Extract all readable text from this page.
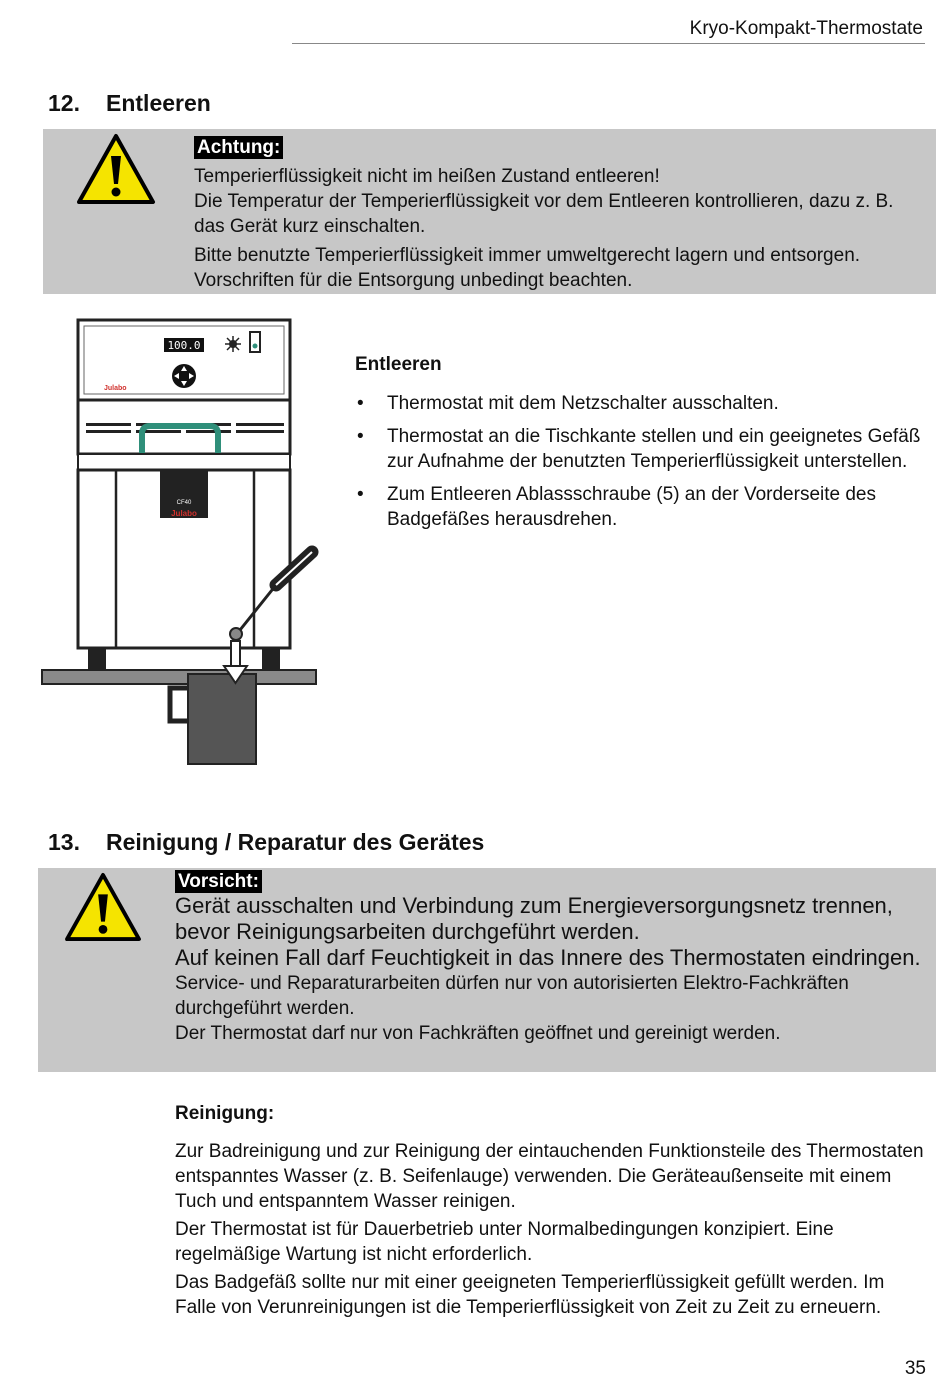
Kryo-Kompakt-Thermostate
12. Entleeren
Achtung:

Temperierflüssigkeit nicht im heißen Zustand entleeren!

Die Temperatur der Temperierflüssigkeit vor dem Entleeren kontrollieren, dazu z. B. das Gerät kurz einschalten.

Bitte benutzte Temperierflüssigkeit immer umweltgerecht lagern und entsorgen. Vorschriften für die Entsorgung unbedingt beachten.

100.0
Julabo
CF40
Julabo
Entleeren
• Thermostat mit dem Netzschalter ausschalten.
• Thermostat an die Tischkante stellen und ein geeignetes Gefäß zur Aufnahme der benutzten Temperierflüssigkeit unterstellen.
• Zum Entleeren Ablassschraube (5) an der Vorderseite des Badgefäßes herausdrehen.
13. Reinigung / Reparatur des Gerätes
Vorsicht:

Gerät ausschalten und Verbindung zum Energieversorgungsnetz trennen, bevor Reinigungsarbeiten durchgeführt werden.

Auf keinen Fall darf Feuchtigkeit in das Innere des Thermostaten eindringen.

Service- und Reparaturarbeiten dürfen nur von autorisierten Elektro-Fachkräften durchgeführt werden.

Der Thermostat darf nur von Fachkräften geöffnet und gereinigt werden.

Reinigung:

Zur Badreinigung und zur Reinigung der eintauchenden Funktionsteile des Thermostaten entspanntes Wasser (z. B. Seifenlauge) verwenden. Die Geräteaußenseite mit einem Tuch und entspanntem Wasser reinigen.

Der Thermostat ist für Dauerbetrieb unter Normalbedingungen konzipiert. Eine regelmäßige Wartung ist nicht erforderlich.

Das Badgefäß sollte nur mit einer geeigneten Temperierflüssigkeit gefüllt werden. Im Falle von Verunreinigungen ist die Temperierflüssigkeit von Zeit zu Zeit zu erneuern.

35
